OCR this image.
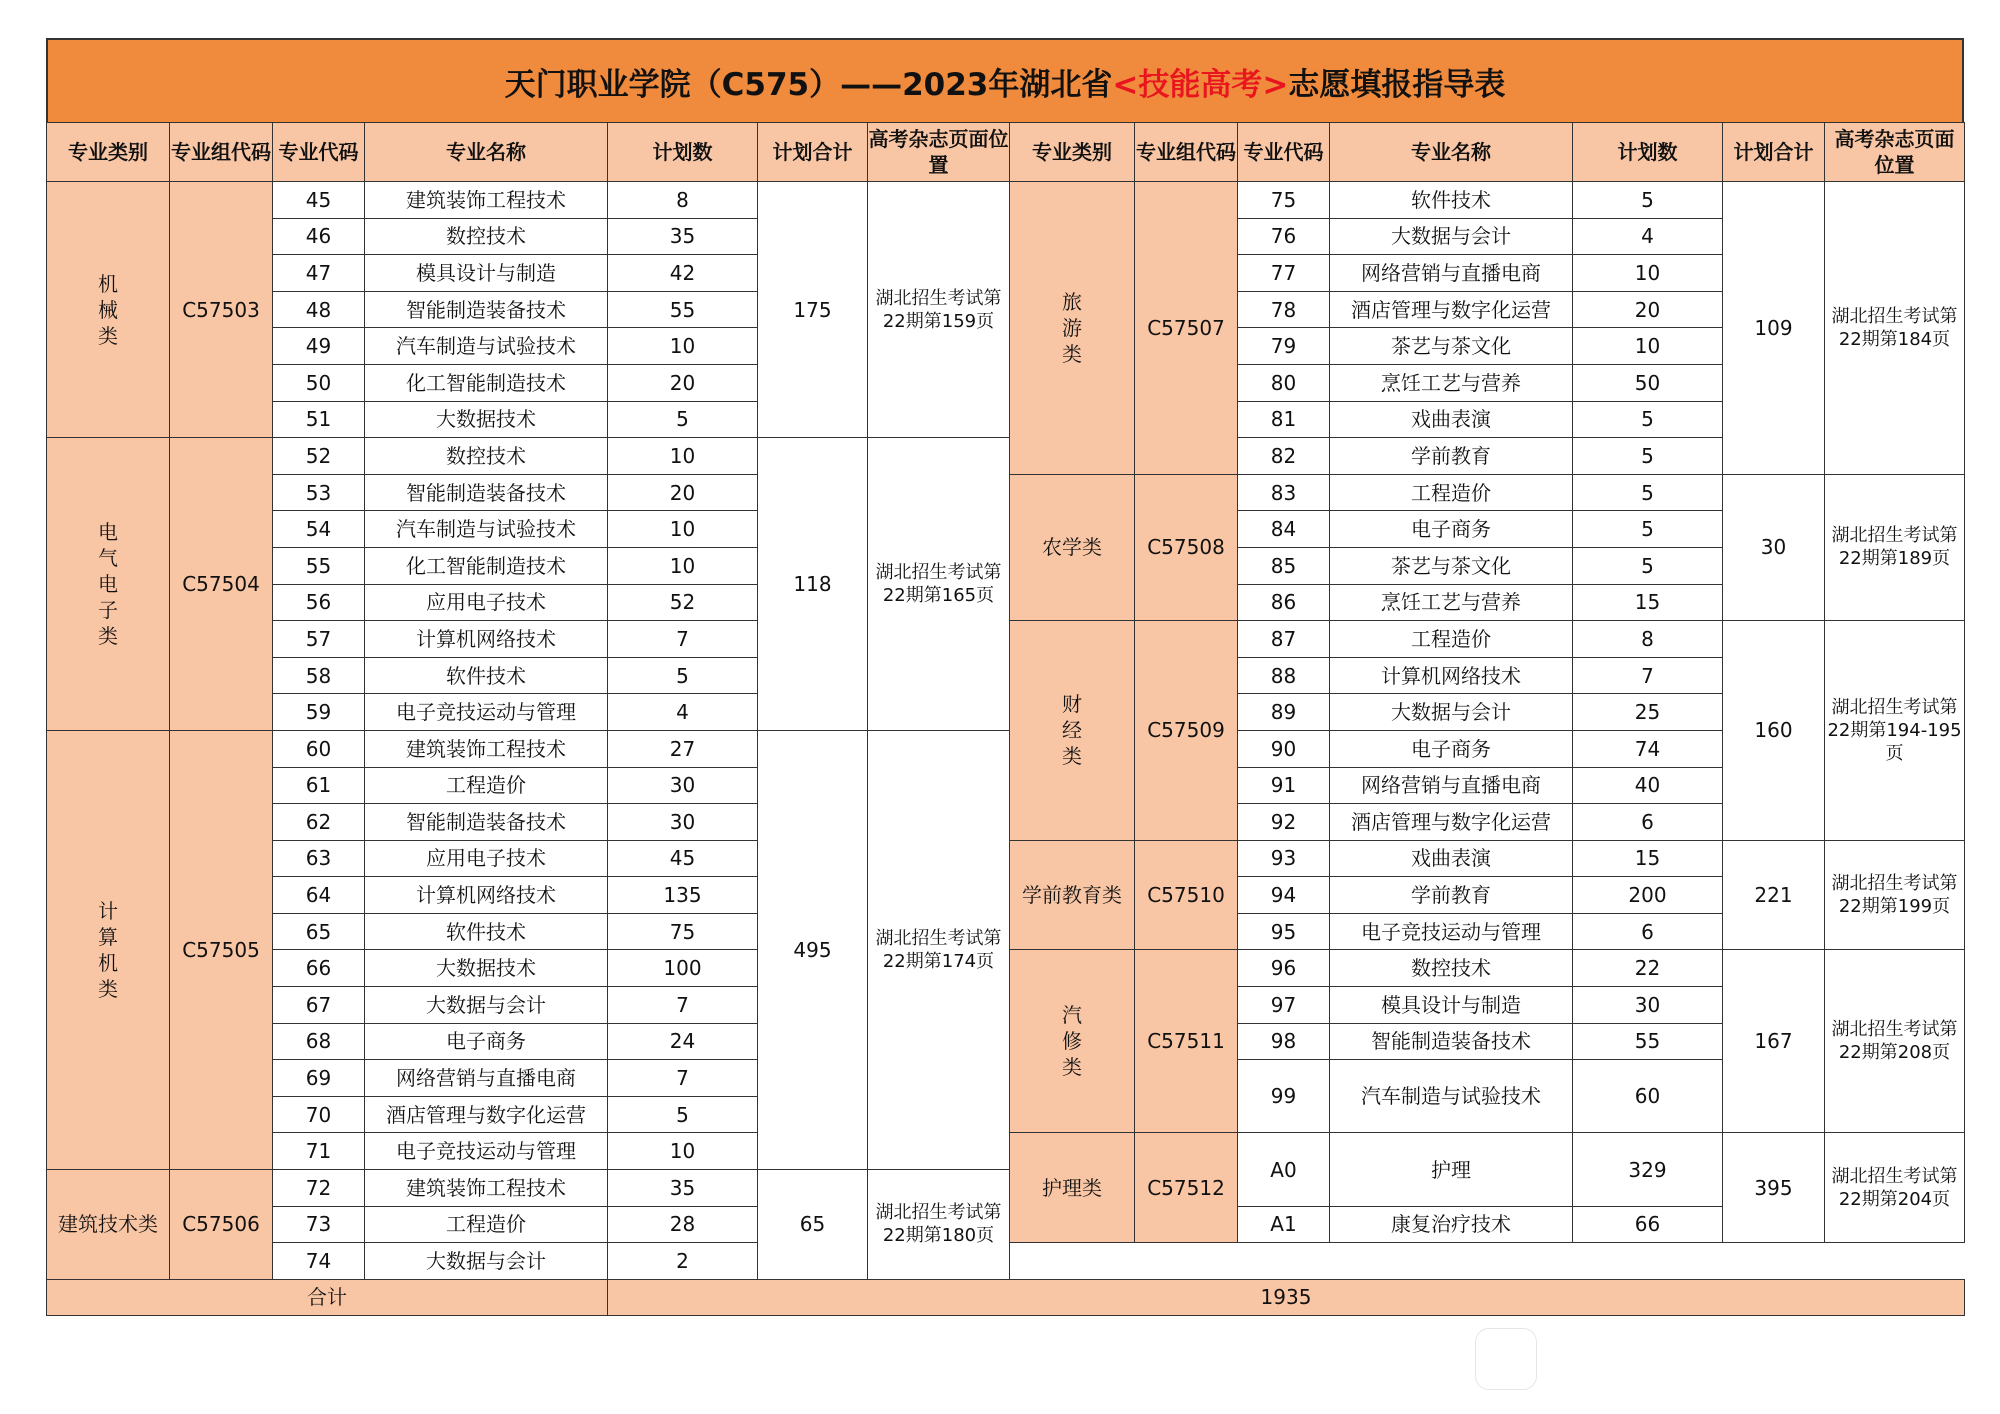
天门职业学院（C575）——2023年湖北省 <技能高考> 志愿填报指导表
专业类别	专业组代码	专业代码	专业名称	计划数	计划合计	高考杂志页面位置	专业类别	专业组代码	专业代码	专业名称	计划数	计划合计	高考杂志页面位置
机械类	C57503	45	建筑装饰工程技术	8	175	湖北招生考试第22期第159页	旅游类	C57507	75	软件技术	5	109	湖北招生考试第22期第184页
		46	数控技术	35					76	大数据与会计	4		
		47	模具设计与制造	42					77	网络营销与直播电商	10		
		48	智能制造装备技术	55					78	酒店管理与数字化运营	20		
		49	汽车制造与试验技术	10					79	茶艺与茶文化	10		
		50	化工智能制造技术	20					80	烹饪工艺与营养	50		
		51	大数据技术	5					81	戏曲表演	5		
电气电子类	C57504	52	数控技术	10	118	湖北招生考试第22期第165页			82	学前教育	5		
		53	智能制造装备技术	20			农学类	C57508	83	工程造价	5	30	湖北招生考试第22期第189页
		54	汽车制造与试验技术	10					84	电子商务	5		
		55	化工智能制造技术	10					85	茶艺与茶文化	5		
		56	应用电子技术	52					86	烹饪工艺与营养	15		
		57	计算机网络技术	7			财经类	C57509	87	工程造价	8	160	湖北招生考试第22期第194-195页
		58	软件技术	5					88	计算机网络技术	7		
		59	电子竞技运动与管理	4					89	大数据与会计	25		
计算机类	C57505	60	建筑装饰工程技术	27	495	湖北招生考试第22期第174页			90	电子商务	74		
		61	工程造价	30					91	网络营销与直播电商	40		
		62	智能制造装备技术	30					92	酒店管理与数字化运营	6		
		63	应用电子技术	45			学前教育类	C57510	93	戏曲表演	15	221	湖北招生考试第22期第199页
		64	计算机网络技术	135					94	学前教育	200		
		65	软件技术	75					95	电子竞技运动与管理	6		
		66	大数据技术	100			汽修类	C57511	96	数控技术	22	167	湖北招生考试第22期第208页
		67	大数据与会计	7					97	模具设计与制造	30		
		68	电子商务	24					98	智能制造装备技术	55		
		69	网络营销与直播电商	7					99	汽车制造与试验技术	60		
		70	酒店管理与数字化运营	5									
		71	电子竞技运动与管理	10			护理类	C57512	A0	护理	329	395	湖北招生考试第22期第204页
建筑技术类	C57506	72	建筑装饰工程技术	35	65	湖北招生考试第22期第180页							
		73	工程造价	28					A1	康复治疗技术	66		
		74	大数据与会计	2									
合计				1935									
